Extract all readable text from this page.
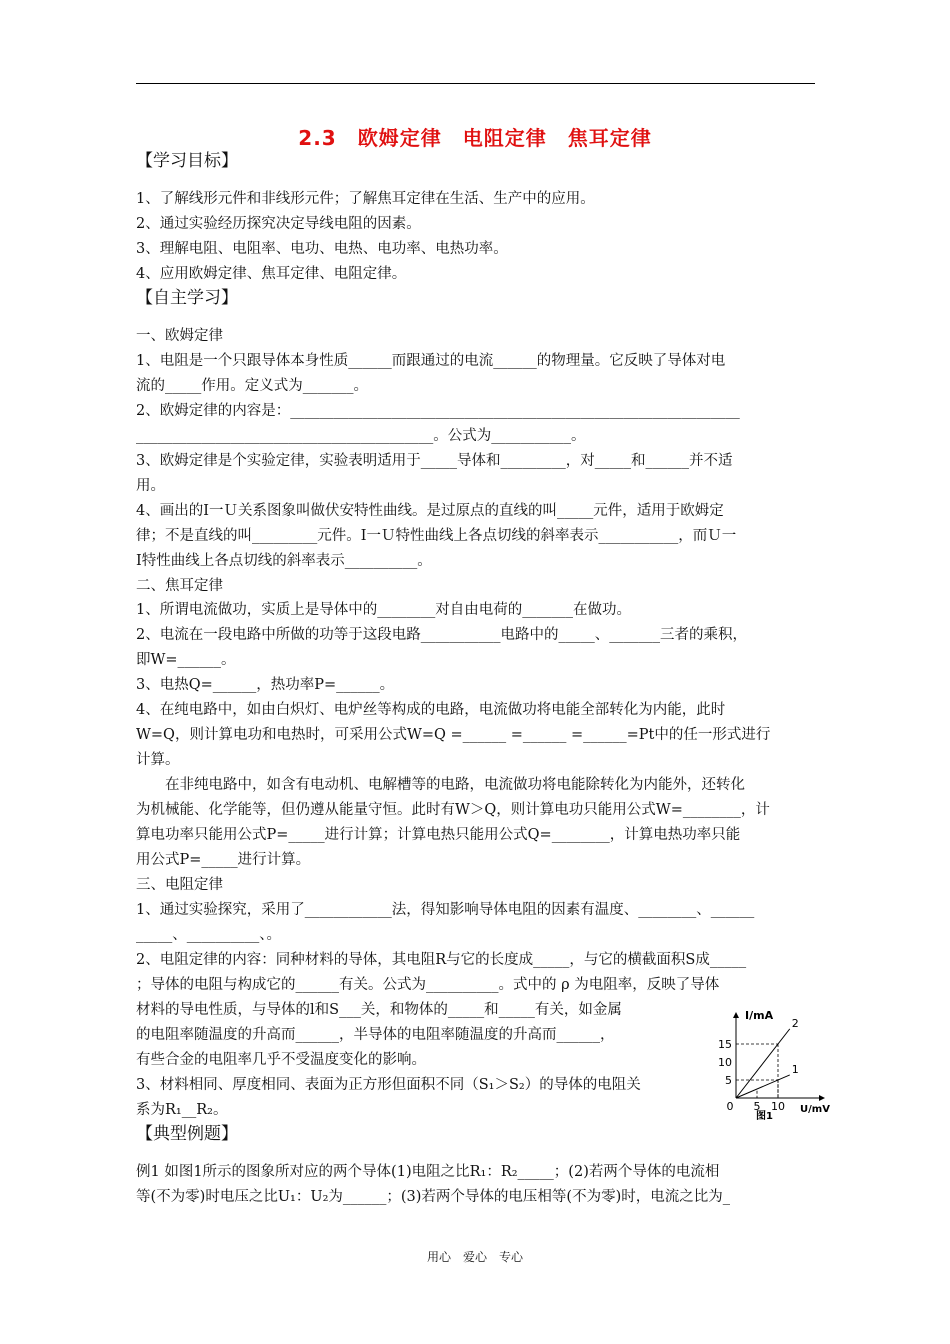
2.3　欧姆定律　电阻定律　焦耳定律
【学习目标】
1、了解线形元件和非线形元件；了解焦耳定律在生活、生产中的应用。
2、通过实验经历探究决定导线电阻的因素。
3、理解电阻、电阻率、电功、电热、电功率、电热功率。
4、应用欧姆定律、焦耳定律、电阻定律。
【自主学习】
一、欧姆定律
1、电阻是一个只跟导体本身性质______而跟通过的电流______的物理量。它反映了导体对电
流的_____作用。定义式为_______。
2、欧姆定律的内容是：______________________________________________________________
_________________________________________。公式为___________。
3、欧姆定律是个实验定律，实验表明适用于_____导体和_________，对_____和______并不适
用。
4、画出的Ⅰ一Ｕ关系图象叫做伏安特性曲线。是过原点的直线的叫_____元件，适用于欧姆定
律；不是直线的叫_________元件。Ⅰ一Ｕ特性曲线上各点切线的斜率表示___________，而Ｕ一
Ⅰ特性曲线上各点切线的斜率表示__________。
二、焦耳定律
1、所谓电流做功，实质上是导体中的________对自由电荷的_______在做功。
2、电流在一段电路中所做的功等于这段电路___________电路中的_____、_______三者的乘积，
即W=______。
3、电热Q=______，热功率P=______。
4、在纯电路中，如由白炽灯、电炉丝等构成的电路，电流做功将电能全部转化为内能，此时
W=Q，则计算电功和电热时，可采用公式W=Q =______ =______ =______=Pt中的任一形式进行
计算。
　　在非纯电路中，如含有电动机、电解槽等的电路，电流做功将电能除转化为内能外，还转化
为机械能、化学能等，但仍遵从能量守恒。此时有W＞Q，则计算电功只能用公式W=________，计
算电功率只能用公式P=_____进行计算；计算电热只能用公式Q=________，计算电热功率只能
用公式P=_____进行计算。
三、电阻定律
1、通过实验探究，采用了____________法，得知影响导体电阻的因素有温度、________、______
_____、__________、。
2、电阻定律的内容：同种材料的导体，其电阻R与它的长度成_____，与它的横截面积S成_____
；导体的电阻与构成它的______有关。公式为__________。式中的 ρ 为电阻率，反映了导体
材料的导电性质，与导体的l和S___关，和物体的_____和_____有关，如金属
的电阻率随温度的升高而______，半导体的电阻率随温度的升高而______，
有些合金的电阻率几乎不受温度变化的影响。
3、材料相同、厚度相同、表面为正方形但面积不同（S₁＞S₂）的导体的电阻关
系为R₁__R₂。
【典型例题】
例1 如图1所示的图象所对应的两个导体(1)电阻之比R₁：R₂_____；(2)若两个导体的电流相
等(不为零)时电压之比U₁：U₂为______；(3)若两个导体的电压相等(不为零)时，电流之比为_
I/mA
U/mV
图1
15
10
5
0 5 10
2
1
用心　爱心　专心
